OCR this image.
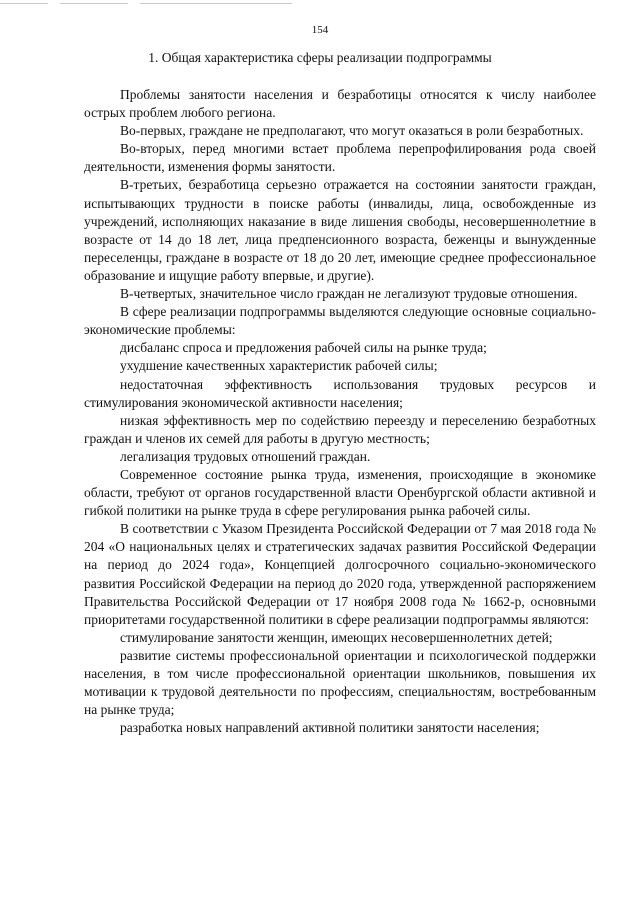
154
1. Общая характеристика сферы реализации подпрограммы

Проблемы занятости населения и безработицы относятся к числу наиболее острых проблем любого региона.

Во-первых, граждане не предполагают, что могут оказаться в роли безработных.

Во-вторых, перед многими встает проблема перепрофилирования рода своей деятельности, изменения формы занятости.

В-третьих, безработица серьезно отражается на состоянии занятости граждан, испытывающих трудности в поиске работы (инвалиды, лица, освобожденные из учреждений, исполняющих наказание в виде лишения свободы, несовершеннолетние в возрасте от 14 до 18 лет, лица предпенсионного возраста, беженцы и вынужденные переселенцы, граждане в возрасте от 18 до 20 лет, имеющие среднее профессиональное образование и ищущие работу впервые, и другие).

В-четвертых, значительное число граждан не легализуют трудовые отношения.

В сфере реализации подпрограммы выделяются следующие основные социально-экономические проблемы:

дисбаланс спроса и предложения рабочей силы на рынке труда;

ухудшение качественных характеристик рабочей силы;

недостаточная эффективность использования трудовых ресурсов и стимулирования экономической активности населения;

низкая эффективность мер по содействию переезду и переселению безработных граждан и членов их семей для работы в другую местность;

легализация трудовых отношений граждан.

Современное состояние рынка труда, изменения, происходящие в экономике области, требуют от органов государственной власти Оренбургской области активной и гибкой политики на рынке труда в сфере регулирования рынка рабочей силы.

В соответствии с Указом Президента Российской Федерации от 7 мая 2018 года № 204 «О национальных целях и стратегических задачах развития Российской Федерации на период до 2024 года», Концепцией долгосрочного социально-экономического развития Российской Федерации на период до 2020 года, утвержденной распоряжением Правительства Российской Федерации от 17 ноября 2008 года № 1662-р, основными приоритетами государственной политики в сфере реализации подпрограммы являются:

стимулирование занятости женщин, имеющих несовершеннолетних детей;

развитие системы профессиональной ориентации и психологической поддержки населения, в том числе профессиональной ориентации школьников, повышения их мотивации к трудовой деятельности по профессиям, специальностям, востребованным на рынке труда;

разработка новых направлений активной политики занятости населения;
